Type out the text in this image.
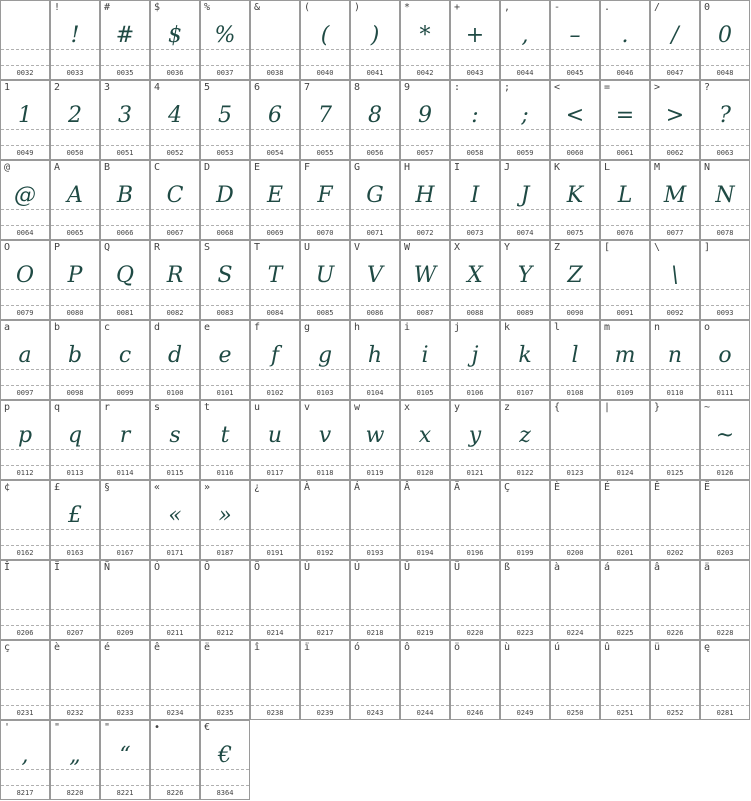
0032
!
!
0033
#
#
0035
$
$
0036
%
%
0037
&
0038
(
(
0040
)
)
0041
*
*
0042
+
+
0043
,
,
0044
-
–
0045
.
.
0046
/
/
0047
0
0
0048
1
1
0049
2
2
0050
3
3
0051
4
4
0052
5
5
0053
6
6
0054
7
7
0055
8
8
0056
9
9
0057
:
:
0058
;
;
0059
<
<
0060
=
=
0061
>
>
0062
?
?
0063
@
@
0064
A
A
0065
B
B
0066
C
C
0067
D
D
0068
E
E
0069
F
F
0070
G
G
0071
H
H
0072
I
I
0073
J
J
0074
K
K
0075
L
L
0076
M
M
0077
N
N
0078
O
O
0079
P
P
0080
Q
Q
0081
R
R
0082
S
S
0083
T
T
0084
U
U
0085
V
V
0086
W
W
0087
X
X
0088
Y
Y
0089
Z
Z
0090
[
0091
\
\
0092
]
0093
a
a
0097
b
b
0098
c
c
0099
d
d
0100
e
e
0101
f
f
0102
g
g
0103
h
h
0104
i
i
0105
j
j
0106
k
k
0107
l
l
0108
m
m
0109
n
n
0110
o
o
0111
p
p
0112
q
q
0113
r
r
0114
s
s
0115
t
t
0116
u
u
0117
v
v
0118
w
w
0119
x
x
0120
y
y
0121
z
z
0122
{
0123
|
0124
}
0125
~
~
0126
¢
0162
£
£
0163
§
0167
«
«
0171
»
»
0187
¿
0191
À
0192
Á
0193
Â
0194
Ä
0196
Ç
0199
È
0200
É
0201
Ê
0202
Ë
0203
Î
0206
Ï
0207
Ñ
0209
Ó
0211
Ô
0212
Ö
0214
Ù
0217
Ú
0218
Û
0219
Ü
0220
ß
0223
à
0224
á
0225
â
0226
ä
0228
ç
0231
è
0232
é
0233
ê
0234
ë
0235
î
0238
ï
0239
ó
0243
ô
0244
ö
0246
ù
0249
ú
0250
û
0251
ü
0252
ę
0281
'
,
8217
"
„
8220
"
“
8221
•
8226
€
€
8364
